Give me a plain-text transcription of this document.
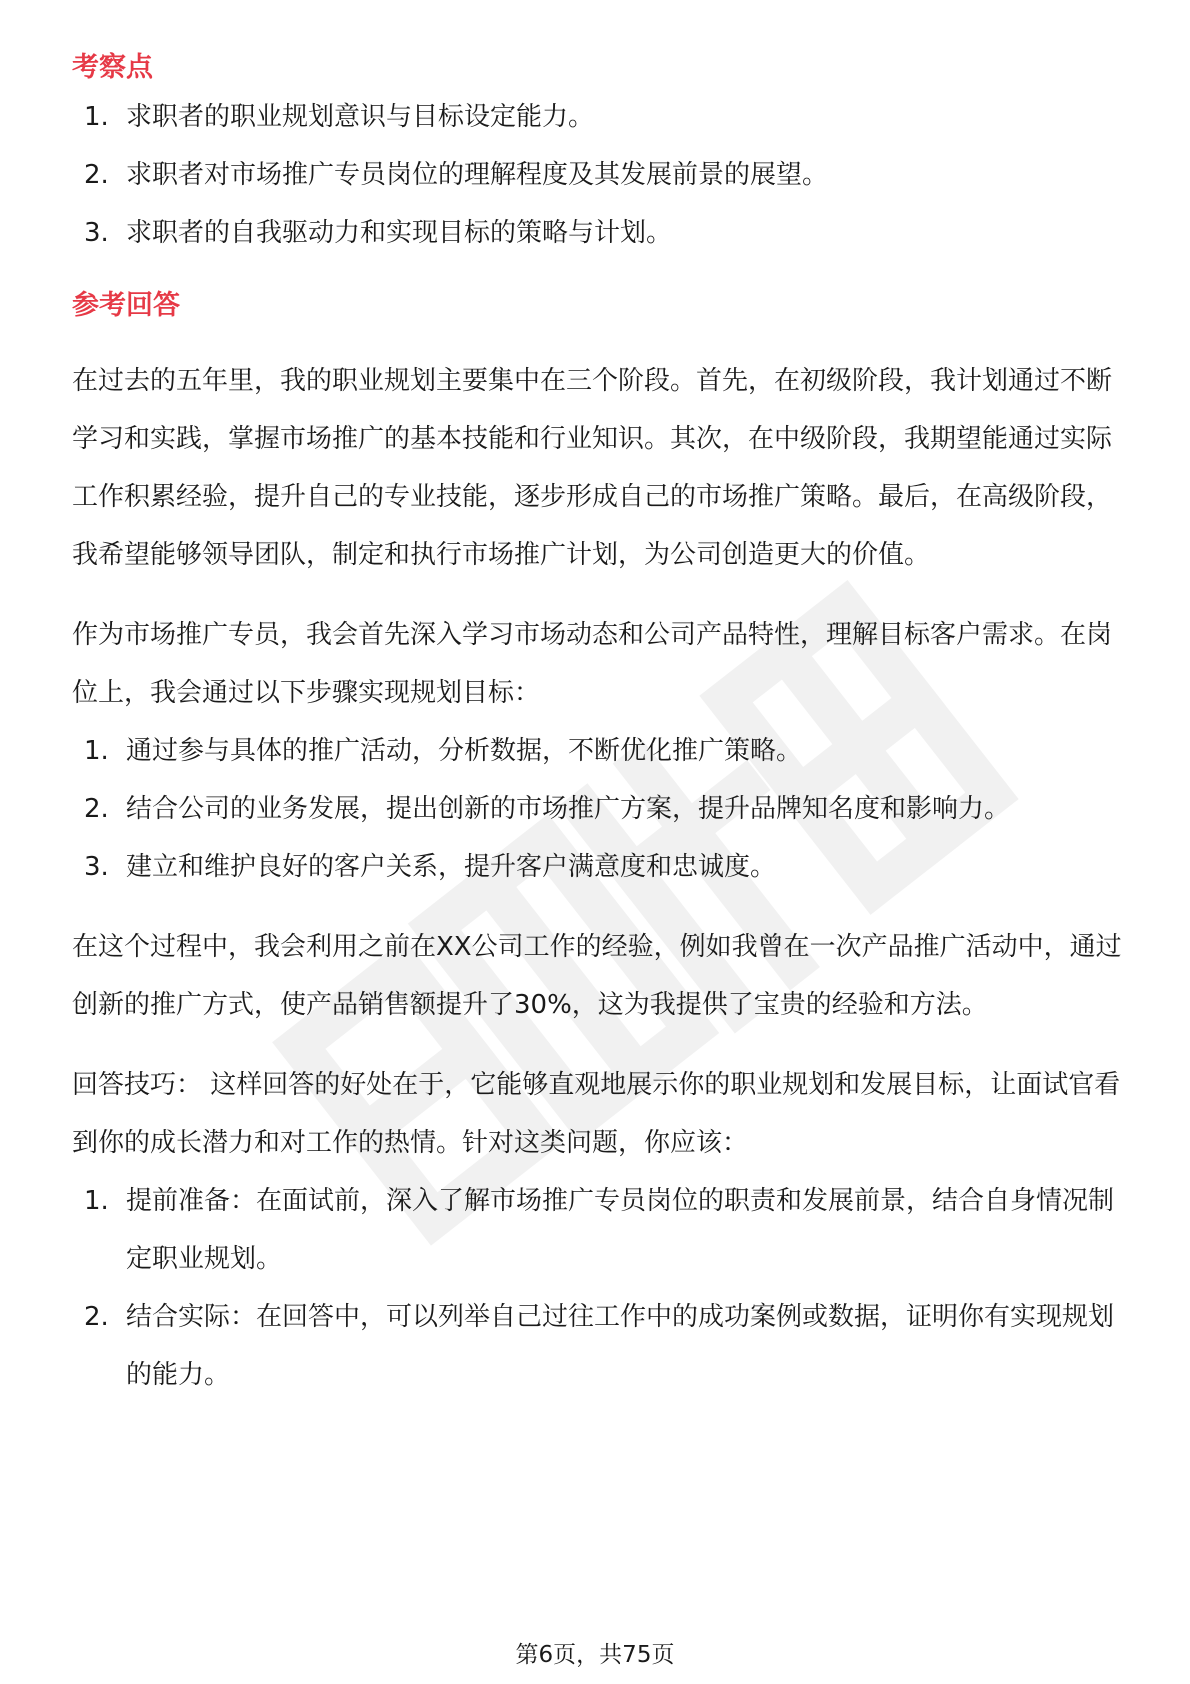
考察点
1. 求职者的职业规划意识与目标设定能力。
2. 求职者对市场推广专员岗位的理解程度及其发展前景的展望。
3. 求职者的自我驱动力和实现目标的策略与计划。
参考回答

在过去的五年里，我的职业规划主要集中在三个阶段。首先，在初级阶段，我计划通过不断学习和实践，掌握市场推广的基本技能和行业知识。其次，在中级阶段，我期望能通过实际工作积累经验，提升自己的专业技能，逐步形成自己的市场推广策略。最后，在高级阶段，我希望能够领导团队，制定和执行市场推广计划，为公司创造更大的价值。

作为市场推广专员，我会首先深入学习市场动态和公司产品特性，理解目标客户需求。在岗位上，我会通过以下步骤实现规划目标：

1. 通过参与具体的推广活动，分析数据，不断优化推广策略。
2. 结合公司的业务发展，提出创新的市场推广方案，提升品牌知名度和影响力。
3. 建立和维护良好的客户关系，提升客户满意度和忠诚度。

在这个过程中，我会利用之前在XX公司工作的经验，例如我曾在一次产品推广活动中，通过创新的推广方式，使产品销售额提升了30%，这为我提供了宝贵的经验和方法。

回答技巧： 这样回答的好处在于，它能够直观地展示你的职业规划和发展目标，让面试官看到你的成长潜力和对工作的热情。针对这类问题，你应该：

1. 提前准备：在面试前，深入了解市场推广专员岗位的职责和发展前景，结合自身情况制定职业规划。
2. 结合实际：在回答中，可以列举自己过往工作中的成功案例或数据，证明你有实现规划的能力。
第6页，共75页
